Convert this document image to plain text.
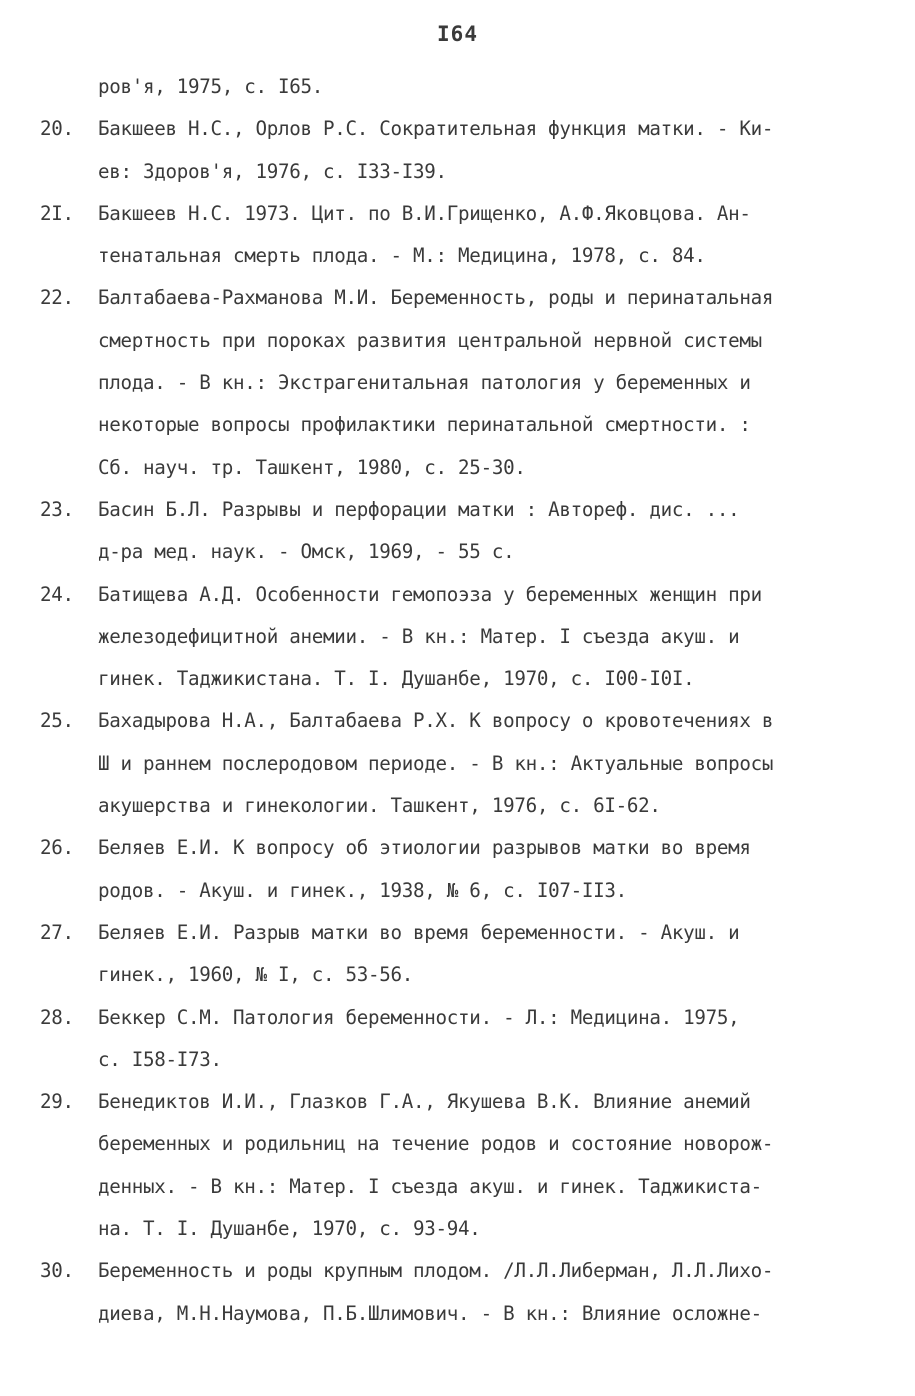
I64
ров'я, 1975, с. I65.
20. Бакшеев Н.С., Орлов Р.С. Сократительная функция матки. - Ки-
ев: Здоров'я, 1976, с. I33-I39.
2I. Бакшеев Н.С. 1973. Цит. по В.И.Грищенко, А.Ф.Яковцова. Ан-
тенатальная смерть плода. - М.: Медицина, 1978, с. 84.
22. Балтабаева-Рахманова М.И. Беременность, роды и перинатальная
смертность при пороках развития центральной нервной системы
плода. - В кн.: Экстрагенитальная патология у беременных и
некоторые вопросы профилактики перинатальной смертности. :
Сб. науч. тр. Ташкент, 1980, с. 25-30.
23. Басин Б.Л. Разрывы и перфорации матки : Автореф. дис. ...
д-ра мед. наук. - Омск, 1969, - 55 с.
24. Батищева А.Д. Особенности гемопоэза у беременных женщин при
железодефицитной анемии. - В кн.: Матер. I съезда акуш. и
гинек. Таджикистана. Т. I. Душанбе, 1970, с. I00-I0I.
25. Бахадырова Н.А., Балтабаева Р.Х. К вопросу о кровотечениях в
Ш и раннем послеродовом периоде. - В кн.: Актуальные вопросы
акушерства и гинекологии. Ташкент, 1976, с. 6I-62.
26. Беляев Е.И. К вопросу об этиологии разрывов матки во время
родов. - Акуш. и гинек., 1938, № 6, с. I07-II3.
27. Беляев Е.И. Разрыв матки во время беременности. - Акуш. и
гинек., 1960, № I, с. 53-56.
28. Беккер С.М. Патология беременности. - Л.: Медицина. 1975,
с. I58-I73.
29. Бенедиктов И.И., Глазков Г.А., Якушева В.К. Влияние анемий
беременных и родильниц на течение родов и состояние новорож-
денных. - В кн.: Матер. I съезда акуш. и гинек. Таджикиста-
на. Т. I. Душанбе, 1970, с. 93-94.
30. Беременность и роды крупным плодом. /Л.Л.Либерман, Л.Л.Лихо-
диева, М.Н.Наумова, П.Б.Шлимович. - В кн.: Влияние осложне-
